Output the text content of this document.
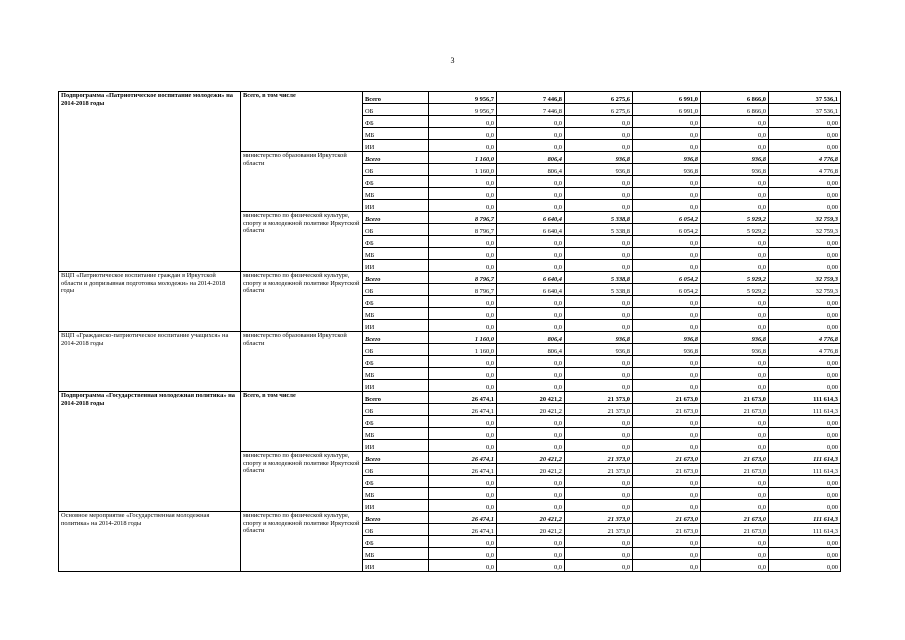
3
Подпрограмма «Патриотическое воспитание молодежи» на 2014-2018 годы	Всего, в том числе	Всего	9 956,7	7 446,8	6 275,6	6 991,0	6 866,0	37 536,1
		ОБ	9 956,7	7 446,8	6 275,6	6 991,0	6 866,0	37 536,1
		ФБ	0,0	0,0	0,0	0,0	0,0	0,00
		МБ	0,0	0,0	0,0	0,0	0,0	0,00
		ИИ	0,0	0,0	0,0	0,0	0,0	0,00
	министерство образования Иркутской области	Всего	1 160,0	806,4	936,8	936,8	936,8	4 776,8
		ОБ	1 160,0	806,4	936,8	936,8	936,8	4 776,8
		ФБ	0,0	0,0	0,0	0,0	0,0	0,00
		МБ	0,0	0,0	0,0	0,0	0,0	0,00
		ИИ	0,0	0,0	0,0	0,0	0,0	0,00
	министерство по физической культуре, спорту и молодежной политике Иркутской области	Всего	8 796,7	6 640,4	5 338,8	6 054,2	5 929,2	32 759,3
		ОБ	8 796,7	6 640,4	5 338,8	6 054,2	5 929,2	32 759,3
		ФБ	0,0	0,0	0,0	0,0	0,0	0,00
		МБ	0,0	0,0	0,0	0,0	0,0	0,00
		ИИ	0,0	0,0	0,0	0,0	0,0	0,00
ВЦП «Патриотическое воспитание граждан в Иркутской области и допризывная подготовка молодежи» на 2014-2018 годы	министерство по физической культуре, спорту и молодежной политике Иркутской области	Всего	8 796,7	6 640,4	5 338,8	6 054,2	5 929,2	32 759,3
		ОБ	8 796,7	6 640,4	5 338,8	6 054,2	5 929,2	32 759,3
		ФБ	0,0	0,0	0,0	0,0	0,0	0,00
		МБ	0,0	0,0	0,0	0,0	0,0	0,00
		ИИ	0,0	0,0	0,0	0,0	0,0	0,00
ВЦП «Гражданско-патриотическое воспитание учащихся» на 2014-2018 годы	министерство образования Иркутской области	Всего	1 160,0	806,4	936,8	936,8	936,8	4 776,8
		ОБ	1 160,0	806,4	936,8	936,8	936,8	4 776,8
		ФБ	0,0	0,0	0,0	0,0	0,0	0,00
		МБ	0,0	0,0	0,0	0,0	0,0	0,00
		ИИ	0,0	0,0	0,0	0,0	0,0	0,00
Подпрограмма «Государственная молодежная политика» на 2014-2018 годы	Всего, в том числе	Всего	26 474,1	20 421,2	21 373,0	21 673,0	21 673,0	111 614,3
		ОБ	26 474,1	20 421,2	21 373,0	21 673,0	21 673,0	111 614,3
		ФБ	0,0	0,0	0,0	0,0	0,0	0,00
		МБ	0,0	0,0	0,0	0,0	0,0	0,00
		ИИ	0,0	0,0	0,0	0,0	0,0	0,00
	министерство по физической культуре, спорту и молодежной политике Иркутской области	Всего	26 474,1	20 421,2	21 373,0	21 673,0	21 673,0	111 614,3
		ОБ	26 474,1	20 421,2	21 373,0	21 673,0	21 673,0	111 614,3
		ФБ	0,0	0,0	0,0	0,0	0,0	0,00
		МБ	0,0	0,0	0,0	0,0	0,0	0,00
		ИИ	0,0	0,0	0,0	0,0	0,0	0,00
Основное мероприятие «Государственная молодежная политика» на 2014-2018 годы	министерство по физической культуре, спорту и молодежной политике Иркутской области	Всего	26 474,1	20 421,2	21 373,0	21 673,0	21 673,0	111 614,3
		ОБ	26 474,1	20 421,2	21 373,0	21 673,0	21 673,0	111 614,3
		ФБ	0,0	0,0	0,0	0,0	0,0	0,00
		МБ	0,0	0,0	0,0	0,0	0,0	0,00
		ИИ	0,0	0,0	0,0	0,0	0,0	0,00
